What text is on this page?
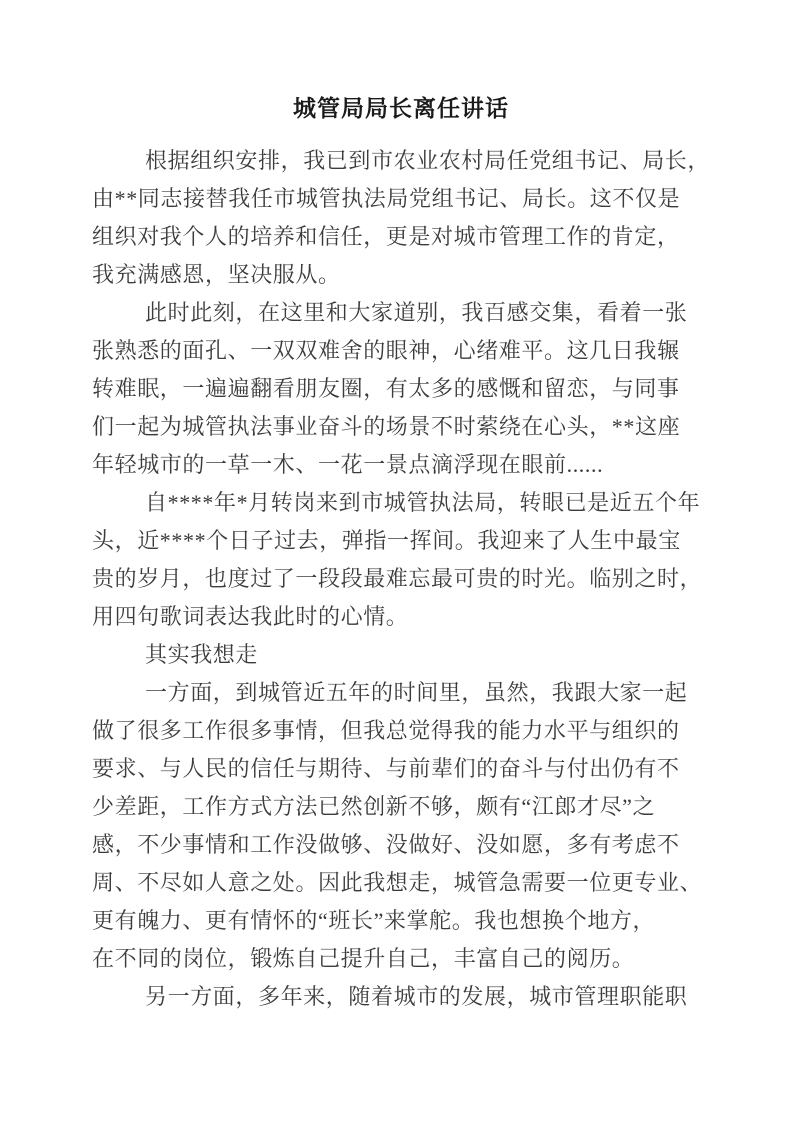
城管局局长离任讲话
根据组织安排，我已到市农业农村局任党组书记、局长，
由**同志接替我任市城管执法局党组书记、局长。这不仅是
组织对我个人的培养和信任，更是对城市管理工作的肯定，
我充满感恩，坚决服从。
此时此刻，在这里和大家道别，我百感交集，看着一张
张熟悉的面孔、一双双难舍的眼神，心绪难平。这几日我辗
转难眠，一遍遍翻看朋友圈，有太多的感慨和留恋，与同事
们一起为城管执法事业奋斗的场景不时萦绕在心头，**这座
年轻城市的一草一木、一花一景点滴浮现在眼前......
自****年*月转岗来到市城管执法局，转眼已是近五个年
头，近****个日子过去，弹指一挥间。我迎来了人生中最宝
贵的岁月，也度过了一段段最难忘最可贵的时光。临别之时，
用四句歌词表达我此时的心情。
其实我想走
一方面，到城管近五年的时间里，虽然，我跟大家一起
做了很多工作很多事情，但我总觉得我的能力水平与组织的
要求、与人民的信任与期待、与前辈们的奋斗与付出仍有不
少差距，工作方式方法已然创新不够，颇有“江郎才尽”之
感，不少事情和工作没做够、没做好、没如愿，多有考虑不
周、不尽如人意之处。因此我想走，城管急需要一位更专业、
更有魄力、更有情怀的“班长”来掌舵。我也想换个地方，
在不同的岗位，锻炼自己提升自己，丰富自己的阅历。
另一方面，多年来，随着城市的发展，城市管理职能职
